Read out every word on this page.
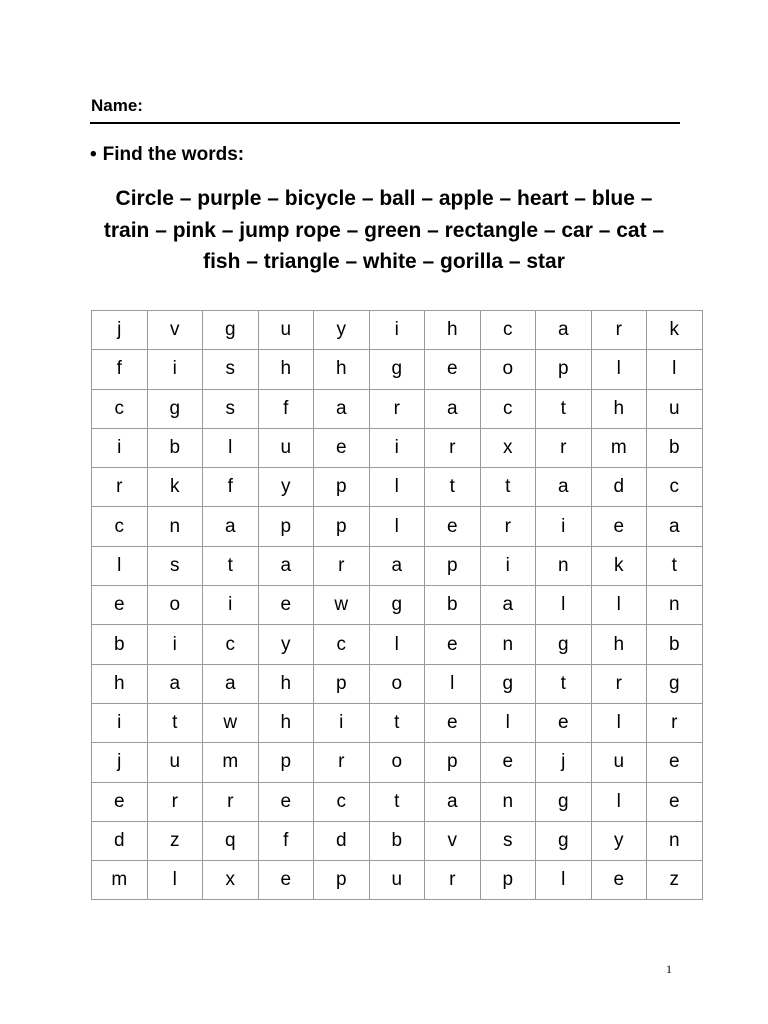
Name:
• Find the words:
Circle – purple – bicycle – ball – apple – heart – blue –
train – pink – jump rope – green – rectangle – car – cat –
fish – triangle – white – gorilla – star
j	v	g	u	y	i	h	c	a	r	k
f	i	s	h	h	g	e	o	p	l	l
c	g	s	f	a	r	a	c	t	h	u
i	b	l	u	e	i	r	x	r	m	b
r	k	f	y	p	l	t	t	a	d	c
c	n	a	p	p	l	e	r	i	e	a
l	s	t	a	r	a	p	i	n	k	t
e	o	i	e	w	g	b	a	l	l	n
b	i	c	y	c	l	e	n	g	h	b
h	a	a	h	p	o	l	g	t	r	g
i	t	w	h	i	t	e	l	e	l	r
j	u	m	p	r	o	p	e	j	u	e
e	r	r	e	c	t	a	n	g	l	e
d	z	q	f	d	b	v	s	g	y	n
m	l	x	e	p	u	r	p	l	e	z
1
